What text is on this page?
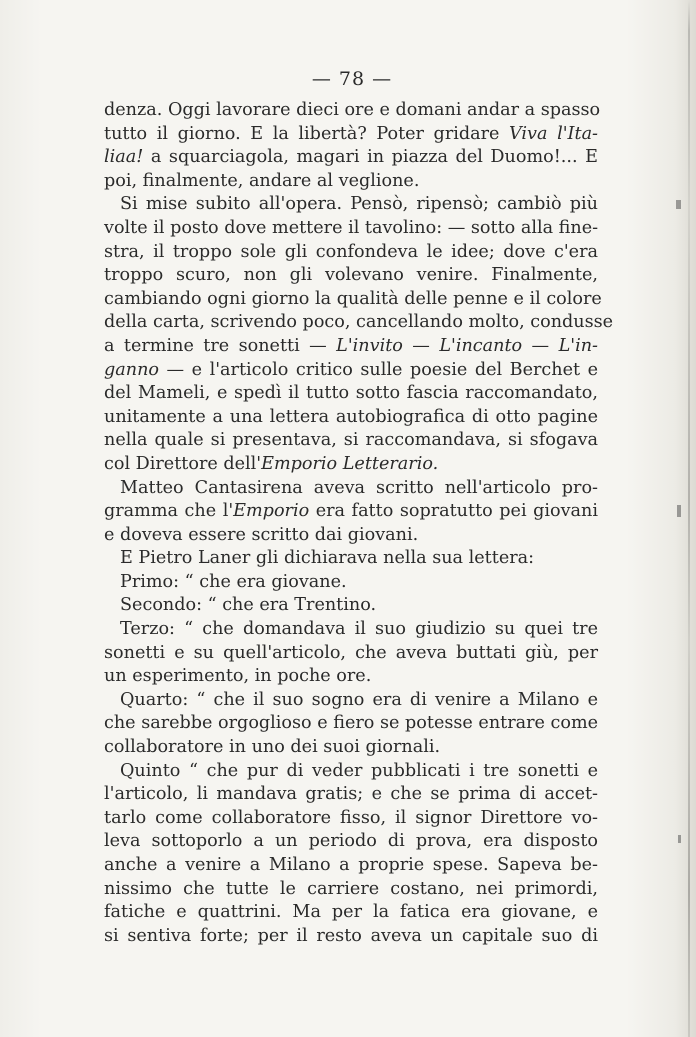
— 78 —
denza. Oggi lavorare dieci ore e domani andar a spasso
tutto il giorno. E la libertà? Poter gridare Viva l'Ita-
liaa! a squarciagola, magari in piazza del Duomo!... E
poi, finalmente, andare al veglione.
Si mise subito all'opera. Pensò, ripensò; cambiò più
volte il posto dove mettere il tavolino: — sotto alla fine-
stra, il troppo sole gli confondeva le idee; dove c'era
troppo scuro, non gli volevano venire. Finalmente,
cambiando ogni giorno la qualità delle penne e il colore
della carta, scrivendo poco, cancellando molto, condusse
a termine tre sonetti — L'invito — L'incanto — L'in-
ganno — e l'articolo critico sulle poesie del Berchet e
del Mameli, e spedì il tutto sotto fascia raccomandato,
unitamente a una lettera autobiografica di otto pagine
nella quale si presentava, si raccomandava, si sfogava
col Direttore dell'Emporio Letterario.
Matteo Cantasirena aveva scritto nell'articolo pro-
gramma che l'Emporio era fatto sopratutto pei giovani
e doveva essere scritto dai giovani.
E Pietro Laner gli dichiarava nella sua lettera:
Primo: “ che era giovane.
Secondo: “ che era Trentino.
Terzo: “ che domandava il suo giudizio su quei tre
sonetti e su quell'articolo, che aveva buttati giù, per
un esperimento, in poche ore.
Quarto: “ che il suo sogno era di venire a Milano e
che sarebbe orgoglioso e fiero se potesse entrare come
collaboratore in uno dei suoi giornali.
Quinto “ che pur di veder pubblicati i tre sonetti e
l'articolo, li mandava gratis; e che se prima di accet-
tarlo come collaboratore fisso, il signor Direttore vo-
leva sottoporlo a un periodo di prova, era disposto
anche a venire a Milano a proprie spese. Sapeva be-
nissimo che tutte le carriere costano, nei primordi,
fatiche e quattrini. Ma per la fatica era giovane, e
si sentiva forte; per il resto aveva un capitale suo di
